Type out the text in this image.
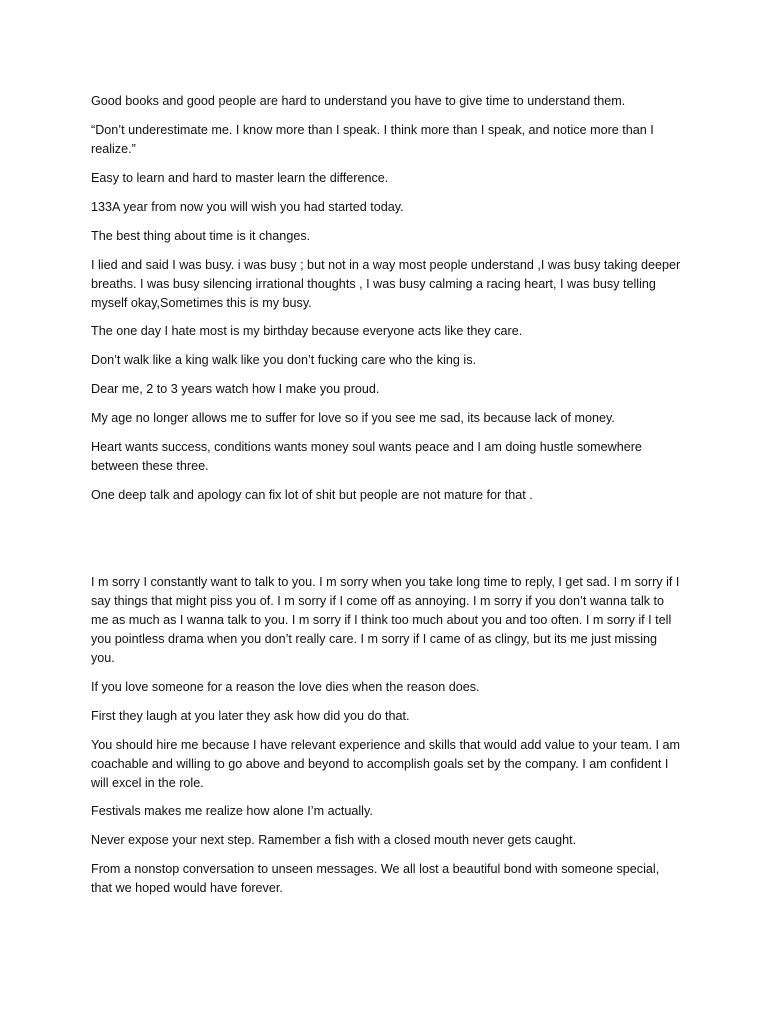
Good books and good people are hard to understand you have to give time to understand them.

“Don’t underestimate me. I know more than I speak. I think more than I speak, and notice more than I realize.”

Easy to learn and hard to master learn the difference.

133A year from now you will wish you had started today.

The best thing about time is it changes.

I lied and said I was busy. i was busy ; but not in a way most people understand ,I was busy taking deeper breaths. I was busy silencing irrational thoughts , I was busy calming a racing heart, I was busy telling myself okay,Sometimes this is my busy.

The one day I hate most is my birthday because everyone acts like they care.

Don’t walk like a king walk like you don’t fucking care who the king is.

Dear me, 2 to 3 years watch how I make you proud.

My age no longer allows me to suffer for love so if you see me sad, its because lack of money.

Heart wants success, conditions wants money soul wants peace and I am doing hustle somewhere between these three.

One deep talk and apology can fix lot of shit but people are not mature for that .

I m sorry I constantly want to talk to you. I m sorry when you take long time to reply, I get sad. I m sorry if I say things that might piss you of. I m sorry if I come off as annoying. I m sorry if you don’t wanna talk to me as much as I wanna talk to you. I m sorry if I think too much about you and too often. I m sorry if I tell you pointless drama when you don’t really care. I m sorry if I came of as clingy, but its me just missing you.

If you love someone for a reason the love dies when the reason does.

First they laugh at you later they ask how did you do that.

You should hire me because I have relevant experience and skills that would add value to your team. I am coachable and willing to go above and beyond to accomplish goals set by the company. I am confident I will excel in the role.

Festivals makes me realize how alone I’m actually.

Never expose your next step. Ramember a fish with a closed mouth never gets caught.

From a nonstop conversation to unseen messages. We all lost a beautiful bond with someone special, that we hoped would have forever.
